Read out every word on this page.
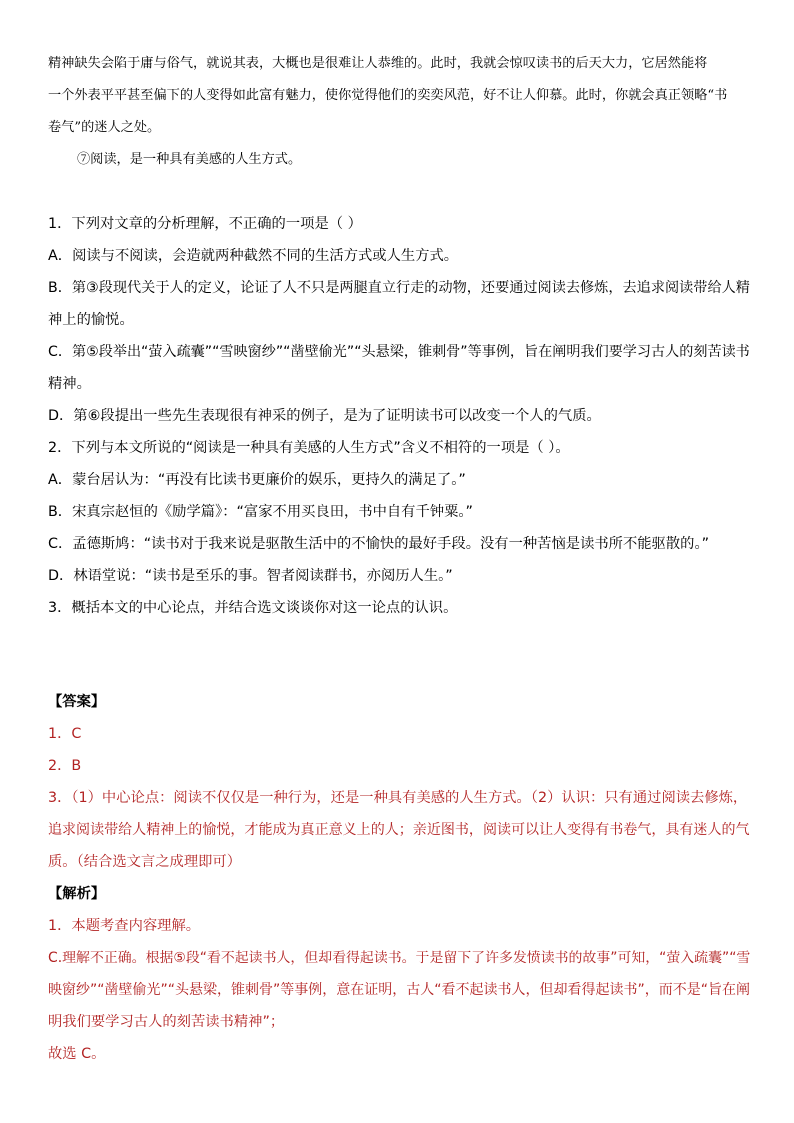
精神缺失会陷于庸与俗气，就说其表，大概也是很难让人恭维的。此时，我就会惊叹读书的后天大力，它居然能将
一个外表平平甚至偏下的人变得如此富有魅力，使你觉得他们的奕奕风范，好不让人仰慕。此时，你就会真正领略“书
卷气”的迷人之处。
⑦阅读，是一种具有美感的人生方式。
1．下列对文章的分析理解，不正确的一项是（ ）
A．阅读与不阅读，会造就两种截然不同的生活方式或人生方式。
B．第③段现代关于人的定义，论证了人不只是两腿直立行走的动物，还要通过阅读去修炼，去追求阅读带给人精
神上的愉悦。
C．第⑤段举出“萤入疏囊”“雪映窗纱”“凿壁偷光”“头悬梁，锥刺骨”等事例，旨在阐明我们要学习古人的刻苦读书
精神。
D．第⑥段提出一些先生表现很有神采的例子，是为了证明读书可以改变一个人的气质。
2．下列与本文所说的“阅读是一种具有美感的人生方式”含义不相符的一项是（ ）。
A．蒙台居认为：“再没有比读书更廉价的娱乐，更持久的满足了。”
B．宋真宗赵恒的《励学篇》：“富家不用买良田，书中自有千钟粟。”
C．孟德斯鸠：“读书对于我来说是驱散生活中的不愉快的最好手段。没有一种苦恼是读书所不能驱散的。”
D．林语堂说：“读书是至乐的事。智者阅读群书，亦阅历人生。”
3．概括本文的中心论点，并结合选文谈谈你对这一论点的认识。
【答案】
1．C
2．B
3．（1）中心论点：阅读不仅仅是一种行为，还是一种具有美感的人生方式。（2）认识：只有通过阅读去修炼，
追求阅读带给人精神上的愉悦，才能成为真正意义上的人；亲近图书，阅读可以让人变得有书卷气，具有迷人的气
质。（结合选文言之成理即可）
【解析】
1．本题考查内容理解。
C.理解不正确。根据⑤段“看不起读书人，但却看得起读书。于是留下了许多发愤读书的故事”可知，“萤入疏囊”“雪
映窗纱”“凿壁偷光”“头悬梁，锥刺骨”等事例，意在证明，古人“看不起读书人，但却看得起读书”，而不是“旨在阐
明我们要学习古人的刻苦读书精神”；
故选 C。
